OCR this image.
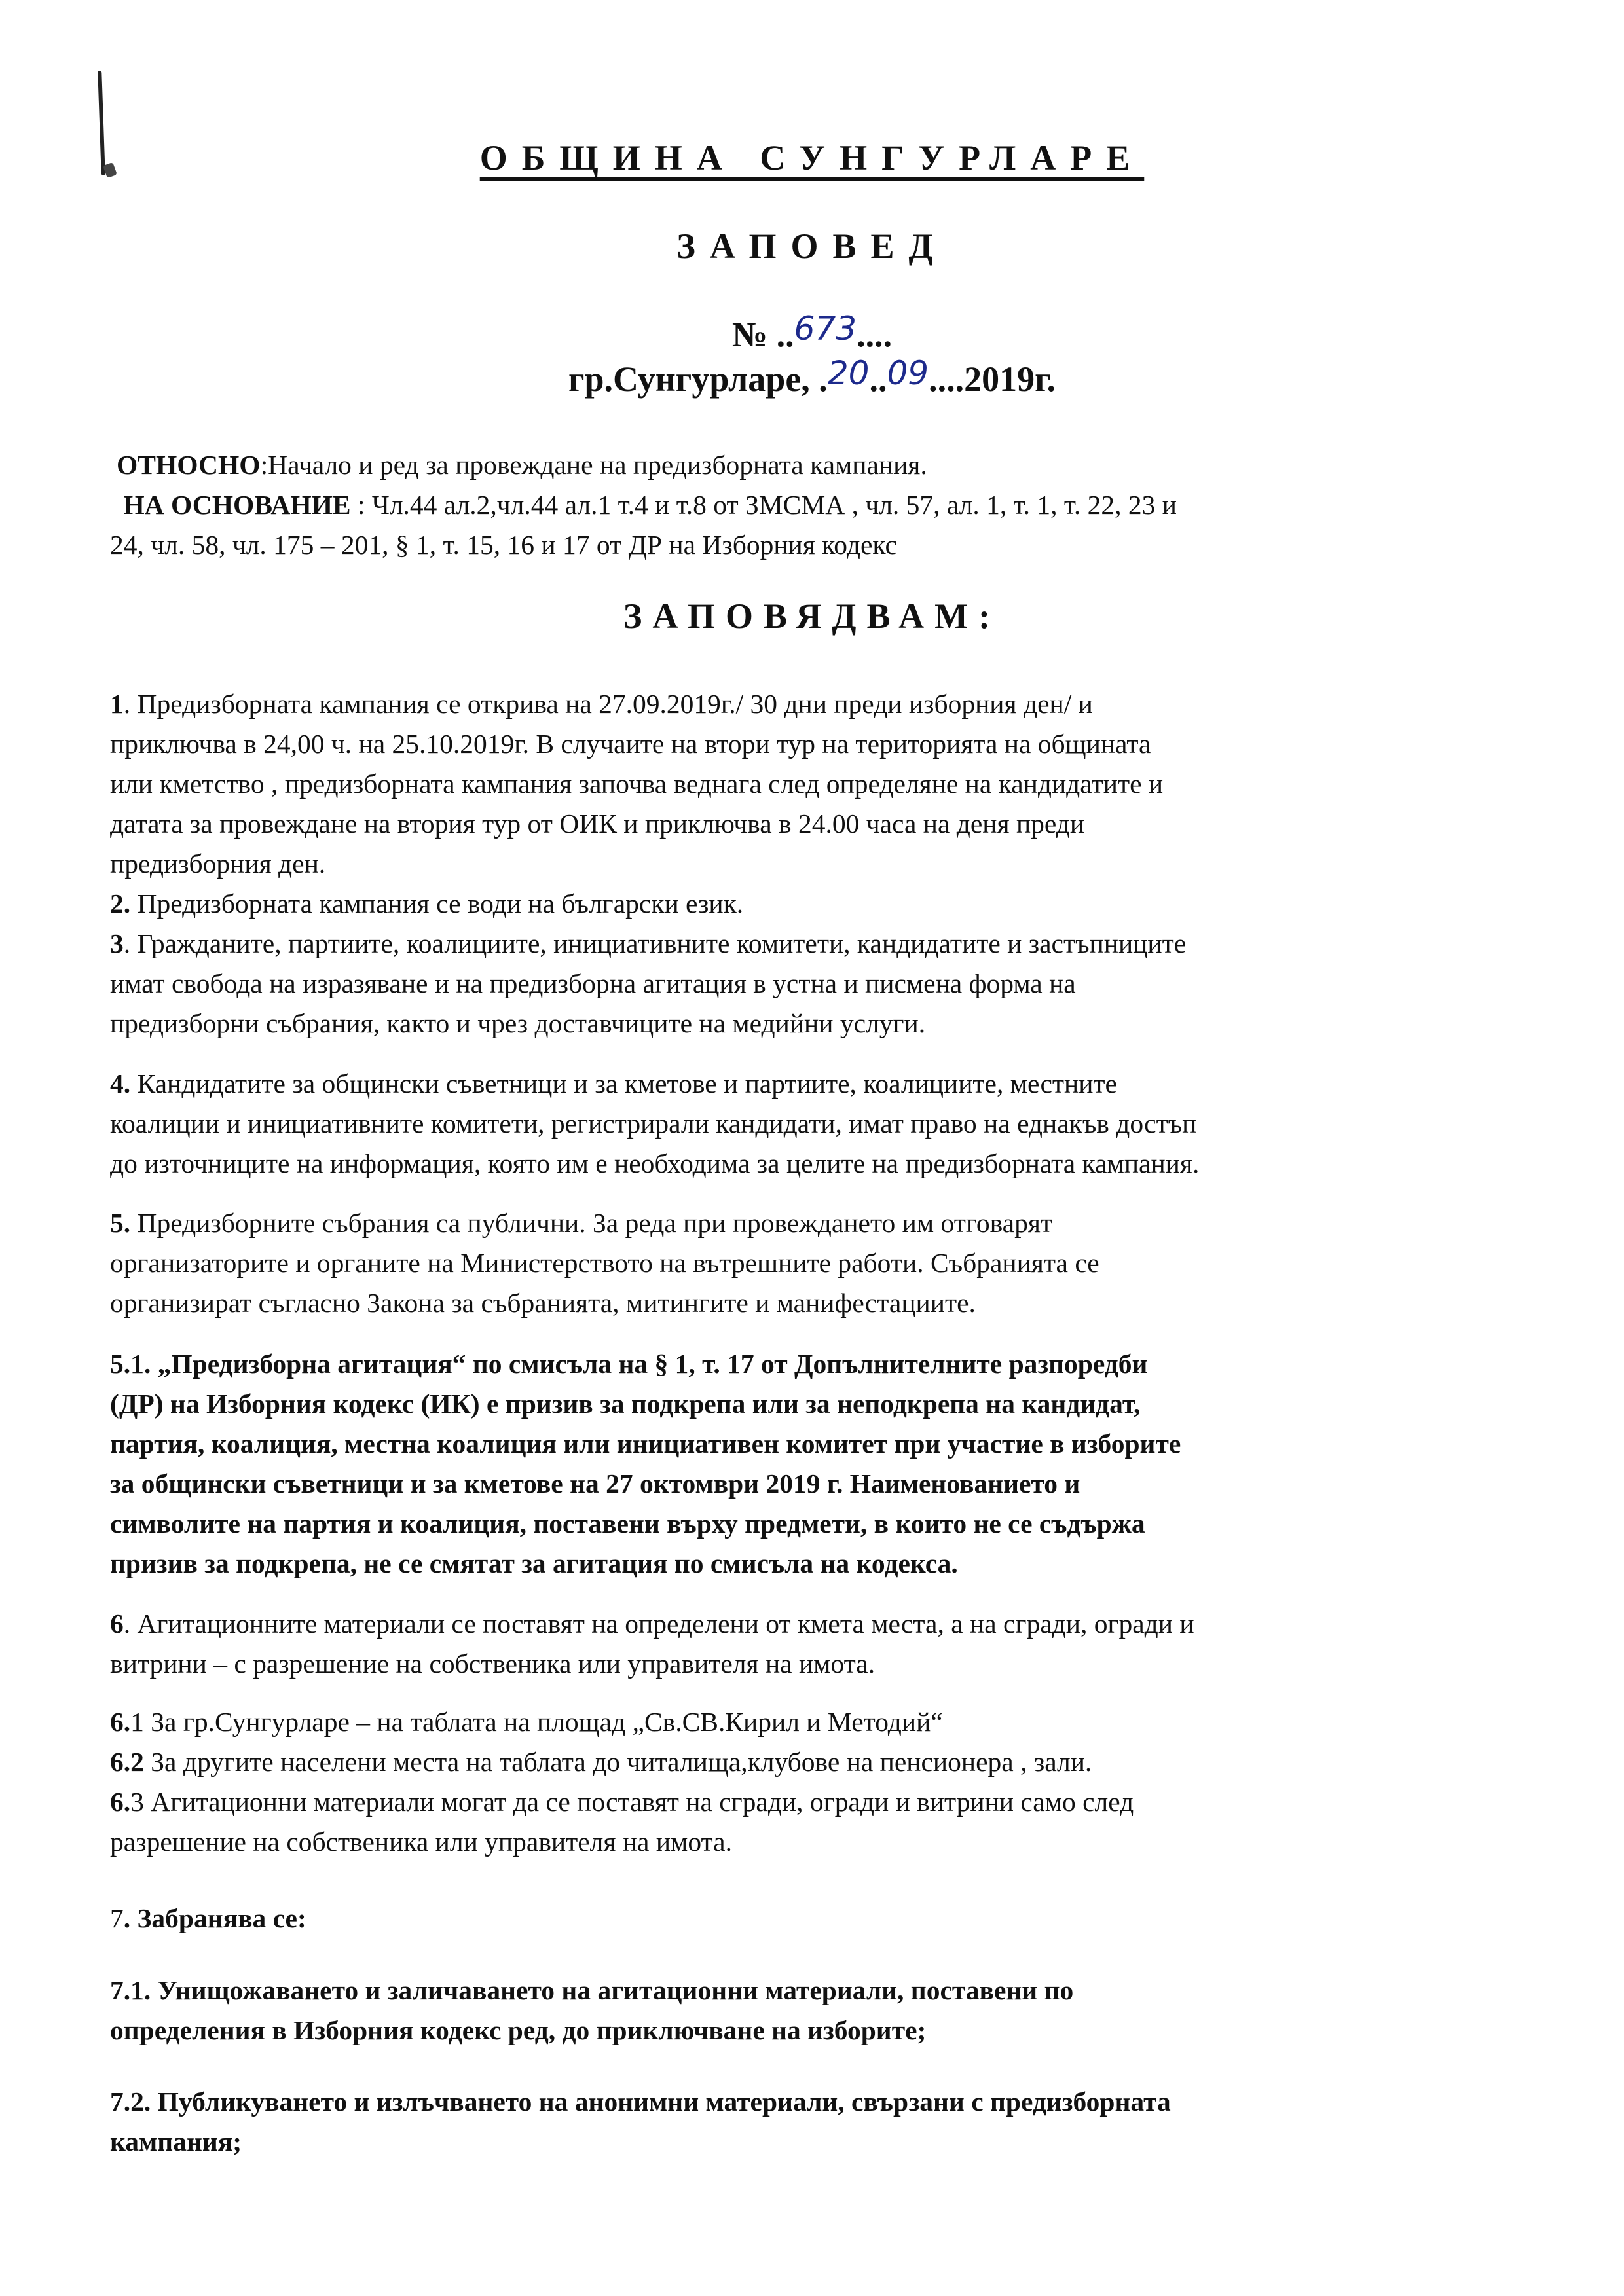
ОБЩИНА СУНГУРЛАРЕ
ЗАПОВЕД
№ ..673....
гр.Сунгурларе, .20..09....2019г.

ОТНОСНО:Начало и ред за провеждане на предизборната кампания.

НА ОСНОВАНИЕ : Чл.44 ал.2,чл.44 ал.1 т.4 и т.8 от ЗМСМА , чл. 57, ал. 1, т. 1, т. 22, 23 и

24, чл. 58, чл. 175 – 201, § 1, т. 15, 16 и 17 от ДР на Изборния кодекс

ЗАПОВЯДВАМ:

1. Предизборната кампания се открива на 27.09.2019г./ 30 дни преди изборния ден/ и

приключва в 24,00 ч. на 25.10.2019г. В случаите на втори тур на територията на общината

или кметство , предизборната кампания започва веднага след определяне на кандидатите и

датата за провеждане на втория тур от ОИК и приключва в 24.00 часа на деня преди

предизборния ден.

2. Предизборната кампания се води на български език.

3. Гражданите, партиите, коалициите, инициативните комитети, кандидатите и застъпниците

имат свобода на изразяване и на предизборна агитация в устна и писмена форма на

предизборни събрания, както и чрез доставчиците на медийни услуги.

4. Кандидатите за общински съветници и за кметове и партиите, коалициите, местните

коалиции и инициативните комитети, регистрирали кандидати, имат право на еднакъв достъп

до източниците на информация, която им е необходима за целите на предизборната кампания.

5. Предизборните събрания са публични. За реда при провеждането им отговарят

организаторите и органите на Министерството на вътрешните работи. Събранията се

организират съгласно Закона за събранията, митингите и манифестациите.

5.1. „Предизборна агитация“ по смисъла на § 1, т. 17 от Допълнителните разпоредби

(ДР) на Изборния кодекс (ИК) е призив за подкрепа или за неподкрепа на кандидат,

партия, коалиция, местна коалиция или инициативен комитет при участие в изборите

за общински съветници и за кметове на 27 октомври 2019 г. Наименованието и

символите на партия и коалиция, поставени върху предмети, в които не се съдържа

призив за подкрепа, не се смятат за агитация по смисъла на кодекса.

6. Агитационните материали се поставят на определени от кмета места, а на сгради, огради и

витрини – с разрешение на собственика или управителя на имота.

6.1 За гр.Сунгурларе – на таблата на площад „Св.СВ.Кирил и Методий“

6.2 За другите населени места на таблата до читалища,клубове на пенсионера , зали.

6.3 Агитационни материали могат да се поставят на сгради, огради и витрини само след

разрешение на собственика или управителя на имота.

7. Забранява се:

7.1. Унищожаването и заличаването на агитационни материали, поставени по

определения в Изборния кодекс ред, до приключване на изборите;

7.2. Публикуването и излъчването на анонимни материали, свързани с предизборната

кампания;
